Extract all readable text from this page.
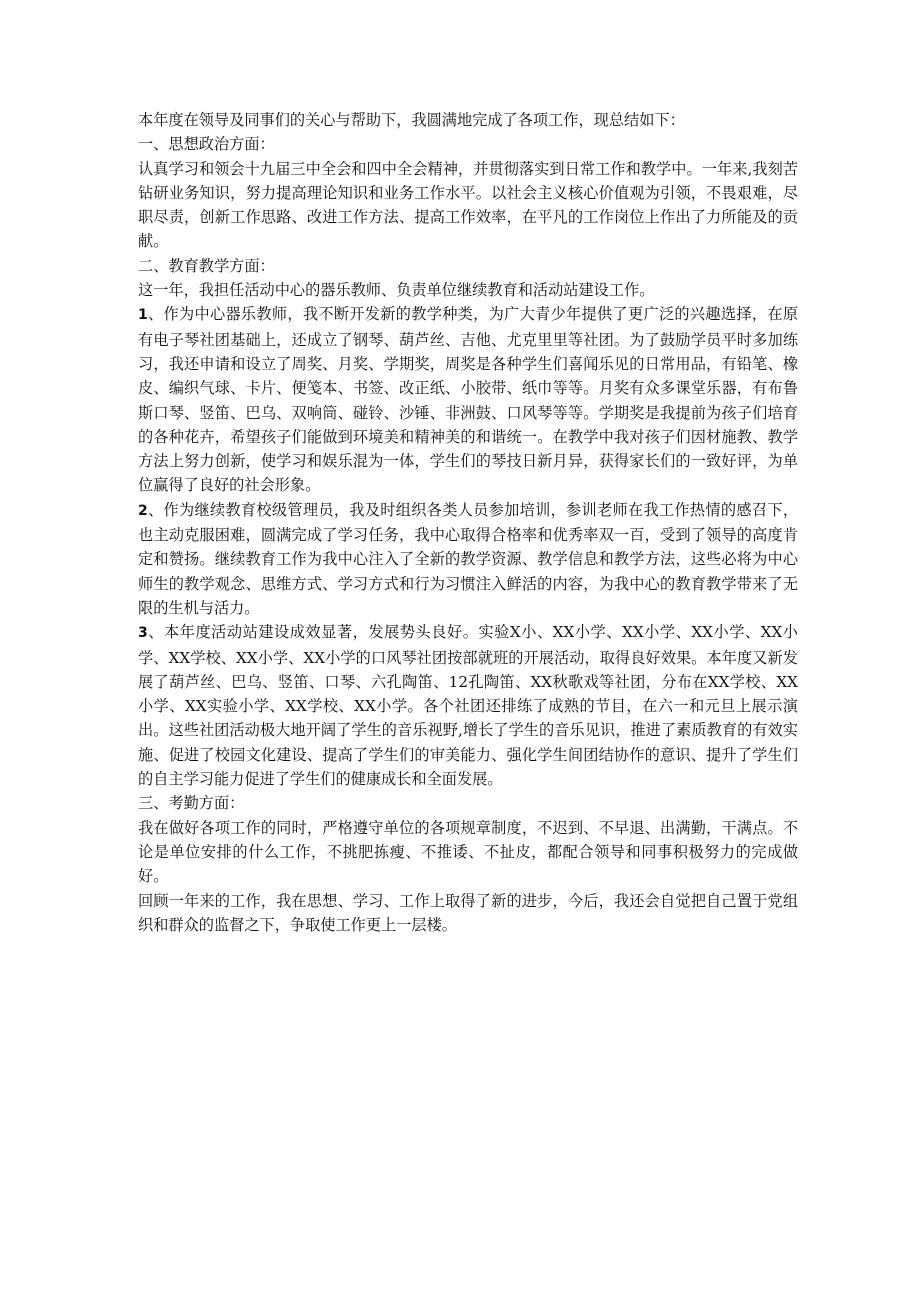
本年度在领导及同事们的关心与帮助下，我圆满地完成了各项工作，现总结如下：

一、思想政治方面：

认真学习和领会十九届三中全会和四中全会精神，并贯彻落实到日常工作和教学中。一年来,我刻苦钻研业务知识，努力提高理论知识和业务工作水平。以社会主义核心价值观为引领，不畏艰难，尽职尽责，创新工作思路、改进工作方法、提高工作效率，在平凡的工作岗位上作出了力所能及的贡献。

二、教育教学方面：

这一年，我担任活动中心的器乐教师、负责单位继续教育和活动站建设工作。

1、作为中心器乐教师，我不断开发新的教学种类，为广大青少年提供了更广泛的兴趣选择，在原有电子琴社团基础上，还成立了钢琴、葫芦丝、吉他、尤克里里等社团。为了鼓励学员平时多加练习，我还申请和设立了周奖、月奖、学期奖，周奖是各种学生们喜闻乐见的日常用品，有铅笔、橡皮、编织气球、卡片、便笺本、书签、改正纸、小胶带、纸巾等等。月奖有众多课堂乐器，有布鲁斯口琴、竖笛、巴乌、双响筒、碰铃、沙锤、非洲鼓、口风琴等等。学期奖是我提前为孩子们培育的各种花卉，希望孩子们能做到环境美和精神美的和谐统一。在教学中我对孩子们因材施教、教学方法上努力创新，使学习和娱乐混为一体，学生们的琴技日新月异，获得家长们的一致好评，为单位赢得了良好的社会形象。

2、作为继续教育校级管理员，我及时组织各类人员参加培训，参训老师在我工作热情的感召下，也主动克服困难，圆满完成了学习任务，我中心取得合格率和优秀率双一百，受到了领导的高度肯定和赞扬。继续教育工作为我中心注入了全新的教学资源、教学信息和教学方法，这些必将为中心师生的教学观念、思维方式、学习方式和行为习惯注入鲜活的内容，为我中心的教育教学带来了无限的生机与活力。

3、本年度活动站建设成效显著，发展势头良好。实验X小、XX小学、XX小学、XX小学、XX小学、XX学校、XX小学、XX小学的口风琴社团按部就班的开展活动，取得良好效果。本年度又新发展了葫芦丝、巴乌、竖笛、口琴、六孔陶笛、12孔陶笛、XX秋歌戏等社团，分布在XX学校、XX小学、XX实验小学、XX学校、XX小学。各个社团还排练了成熟的节目，在六一和元旦上展示演出。这些社团活动极大地开阔了学生的音乐视野,增长了学生的音乐见识，推进了素质教育的有效实施、促进了校园文化建设、提高了学生们的审美能力、强化学生间团结协作的意识、提升了学生们的自主学习能力促进了学生们的健康成长和全面发展。

三、考勤方面：

我在做好各项工作的同时，严格遵守单位的各项规章制度，不迟到、不早退、出满勤，干满点。不论是单位安排的什么工作，不挑肥拣瘦、不推诿、不扯皮，都配合领导和同事积极努力的完成做好。

回顾一年来的工作，我在思想、学习、工作上取得了新的进步，今后，我还会自觉把自己置于党组织和群众的监督之下，争取使工作更上一层楼。
